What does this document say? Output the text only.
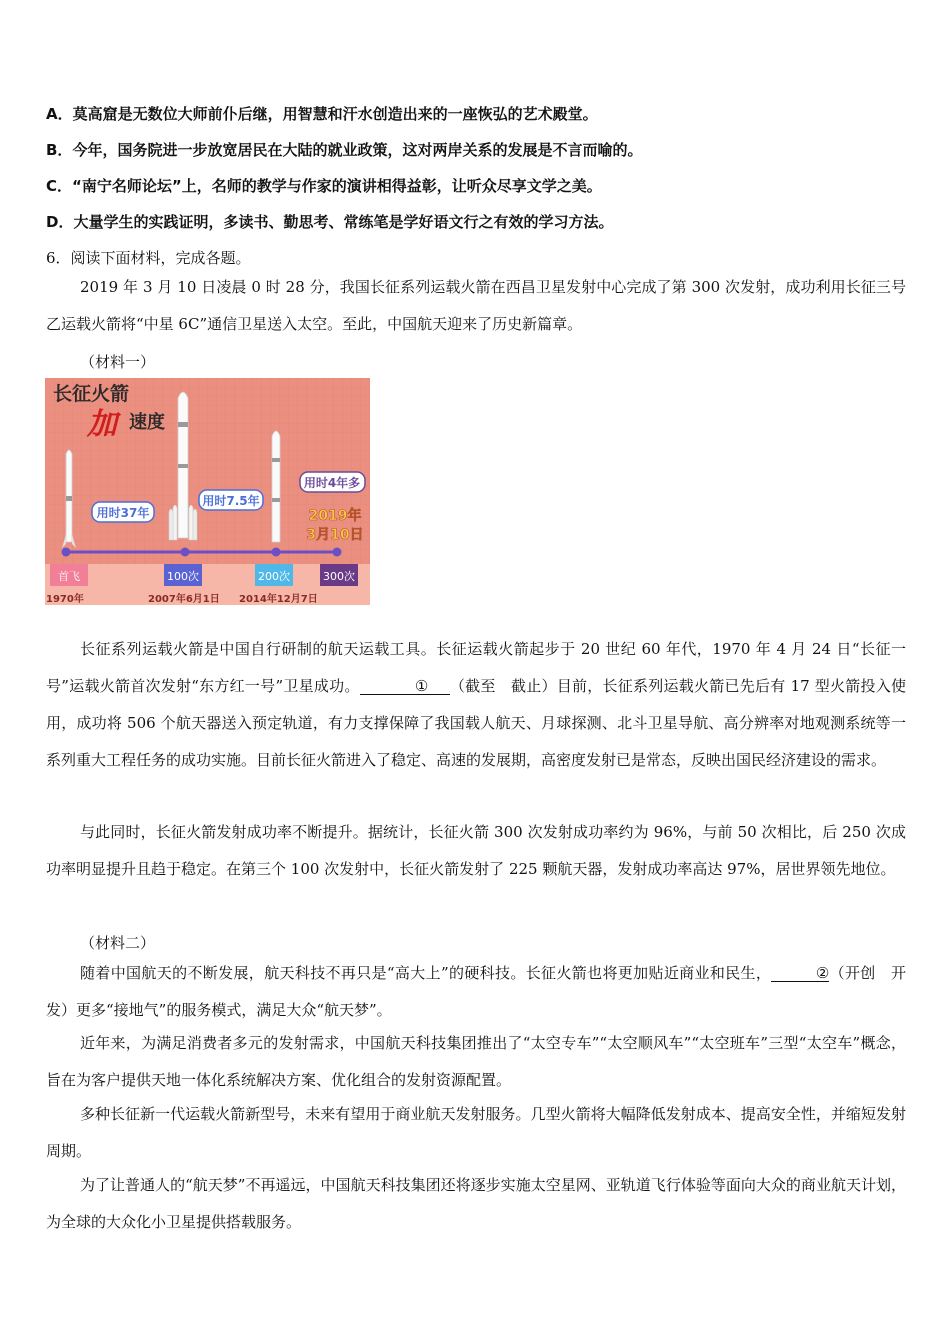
A．莫高窟是无数位大师前仆后继，用智慧和汗水创造出来的一座恢弘的艺术殿堂。
B．今年，国务院进一步放宽居民在大陆的就业政策，这对两岸关系的发展是不言而喻的。
C．“南宁名师论坛”上，名师的教学与作家的演讲相得益彰，让听众尽享文学之美。
D．大量学生的实践证明，多读书、勤思考、常练笔是学好语文行之有效的学习方法。
6．阅读下面材料，完成各题。
2019 年 3 月 10 日凌晨 0 时 28 分，我国长征系列运载火箭在西昌卫星发射中心完成了第 300 次发射，成功利用长征三号乙运载火箭将“中星 6C”通信卫星送入太空。至此，中国航天迎来了历史新篇章。
（材料一）
长征火箭
加 速度
用时37年
用时7.5年
用时4年多
2019年
3月10日
首飞	100次	200次	300次
1970年	2007年6月1日 2014年12月7日
长征系列运载火箭是中国自行研制的航天运载工具。长征运载火箭起步于 20 世纪 60 年代，1970 年 4 月 24 日“长征一号”运载火箭首次发射“东方红一号”卫星成功。	① （截至　截止）目前，长征系列运载火箭已先后有 17 型火箭投入使用，成功将 506 个航天器送入预定轨道，有力支撑保障了我国载人航天、月球探测、北斗卫星导航、高分辨率对地观测系统等一系列重大工程任务的成功实施。目前长征火箭进入了稳定、高速的发展期，高密度发射已是常态，反映出国民经济建设的需求。
与此同时，长征火箭发射成功率不断提升。据统计，长征火箭 300 次发射成功率约为 96%，与前 50 次相比，后 250 次成功率明显提升且趋于稳定。在第三个 100 次发射中，长征火箭发射了 225 颗航天器，发射成功率高达 97%，居世界领先地位。
（材料二）
随着中国航天的不断发展，航天科技不再只是“高大上”的硬科技。长征火箭也将更加贴近商业和民生，	②（开创　开发）更多“接地气”的服务模式，满足大众“航天梦”。
近年来，为满足消费者多元的发射需求，中国航天科技集团推出了“太空专车”“太空顺风车”“太空班车”三型“太空车”概念，旨在为客户提供天地一体化系统解决方案、优化组合的发射资源配置。
多种长征新一代运载火箭新型号，未来有望用于商业航天发射服务。几型火箭将大幅降低发射成本、提高安全性，并缩短发射周期。
为了让普通人的“航天梦”不再遥远，中国航天科技集团还将逐步实施太空星网、亚轨道飞行体验等面向大众的商业航天计划，为全球的大众化小卫星提供搭载服务。
